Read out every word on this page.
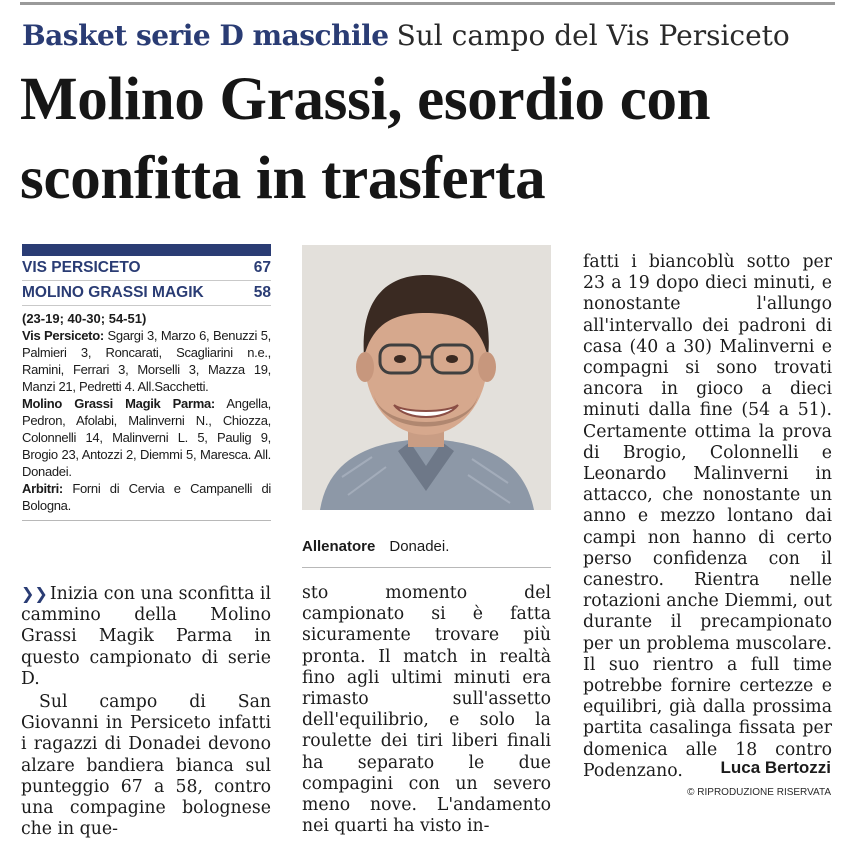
Basket serie D maschile Sul campo del Vis Persiceto
Molino Grassi, esordio con sconfitta in trasferta
VIS PERSICETO	67
MOLINO GRASSI MAGIK	58
(23-19; 40-30; 54-51)
Vis Persiceto: Sgargi 3, Marzo 6, Benuzzi 5, Palmieri 3, Roncarati, Scagliarini n.e., Ramini, Ferrari 3, Morselli 3, Mazza 19, Manzi 21, Pedretti 4. All.Sacchetti.
Molino Grassi Magik Parma: Angella, Pedron, Afolabi, Malinverni N., Chiozza, Colonnelli 14, Malinverni L. 5, Paulig 9, Brogio 23, Antozzi 2, Diemmi 5, Maresca. All. Donadei.
Arbitri: Forni di Cervia e Campanelli di Bologna.
Allenatore Donadei.

❯❯ Inizia con una sconfitta il cammino della Molino Grassi Magik Parma in questo campionato di serie D.

Sul campo di San Giovanni in Persiceto infatti i ragazzi di Donadei devono alzare bandiera bianca sul punteggio 67 a 58, contro una compagine bolognese che in que-

sto momento del campionato si è fatta sicuramente trovare più pronta. Il match in realtà fino agli ultimi minuti era rimasto sull'assetto dell'equilibrio, e solo la roulette dei tiri liberi finali ha separato le due compagini con un severo meno nove. L'andamento nei quarti ha visto in-

fatti i biancoblù sotto per 23 a 19 dopo dieci minuti, e nonostante l'allungo all'intervallo dei padroni di casa (40 a 30) Malinverni e compagni si sono trovati ancora in gioco a dieci minuti dalla fine (54 a 51). Certamente ottima la prova di Brogio, Colonnelli e Leonardo Malinverni in attacco, che nonostante un anno e mezzo lontano dai campi non hanno di certo perso confidenza con il canestro. Rientra nelle rotazioni anche Diemmi, out durante il precampionato per un problema muscolare. Il suo rientro a full time potrebbe fornire certezze e equilibri, già dalla prossima partita casalinga fissata per domenica alle 18 contro Podenzano.	Luca Bertozzi
© RIPRODUZIONE RISERVATA
